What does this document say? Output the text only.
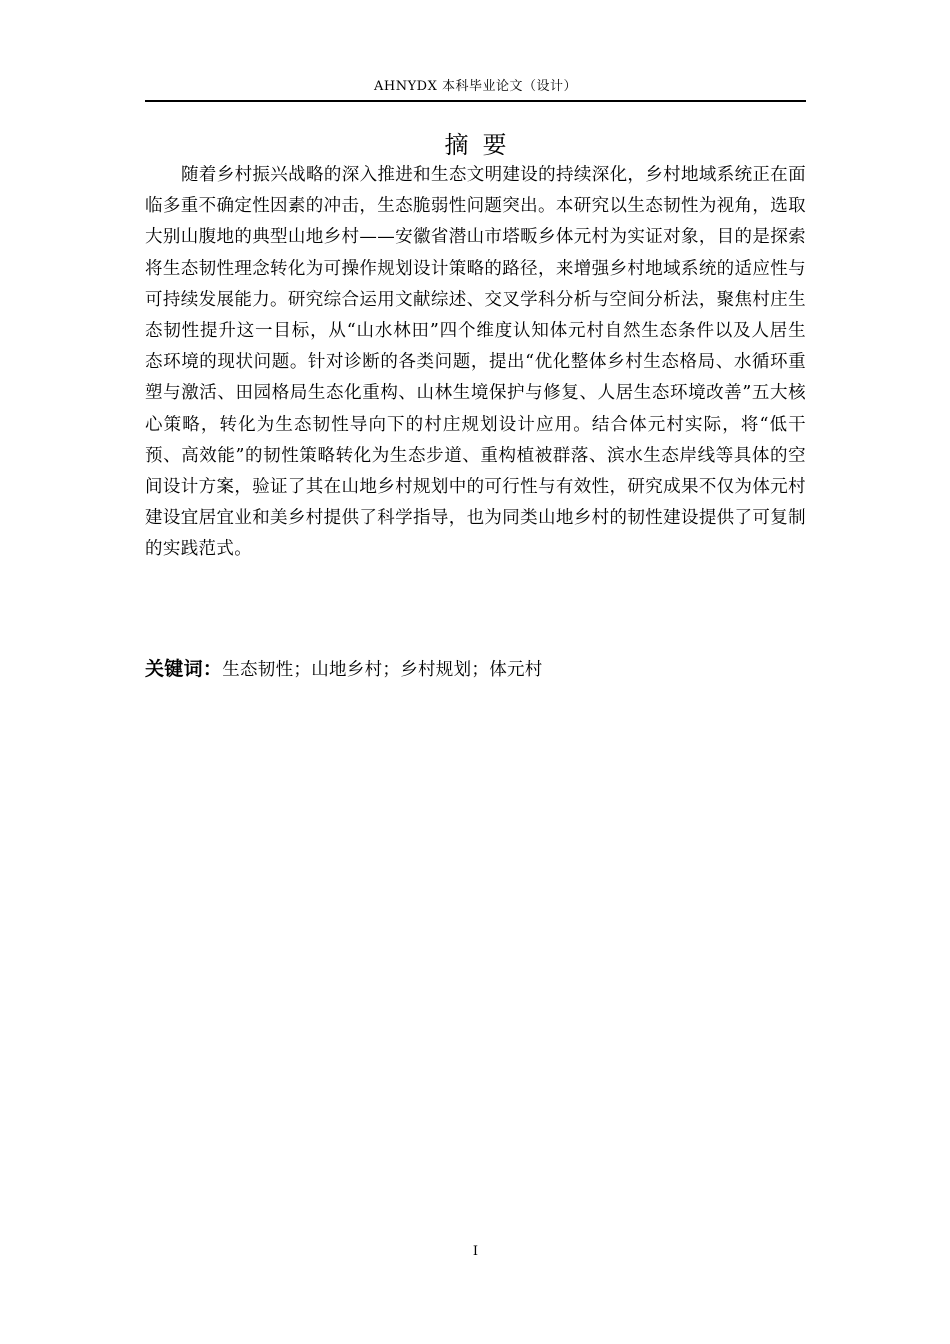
AHNYDX 本科毕业论文（设计）
摘要

随着乡村振兴战略的深入推进和生态文明建设的持续深化，乡村地域系统正在面临多重不确定性因素的冲击，生态脆弱性问题突出。本研究以生态韧性为视角，选取大别山腹地的典型山地乡村——安徽省潜山市塔畈乡体元村为实证对象，目的是探索将生态韧性理念转化为可操作规划设计策略的路径，来增强乡村地域系统的适应性与可持续发展能力。研究综合运用文献综述、交叉学科分析与空间分析法，聚焦村庄生态韧性提升这一目标，从“山水林田”四个维度认知体元村自然生态条件以及人居生态环境的现状问题。针对诊断的各类问题，提出“优化整体乡村生态格局、水循环重塑与激活、田园格局生态化重构、山林生境保护与修复、人居生态环境改善”五大核心策略，转化为生态韧性导向下的村庄规划设计应用。结合体元村实际，将“低干预、高效能”的韧性策略转化为生态步道、重构植被群落、滨水生态岸线等具体的空间设计方案，验证了其在山地乡村规划中的可行性与有效性，研究成果不仅为体元村建设宜居宜业和美乡村提供了科学指导，也为同类山地乡村的韧性建设提供了可复制的实践范式。

关键词：生态韧性；山地乡村；乡村规划；体元村
I
